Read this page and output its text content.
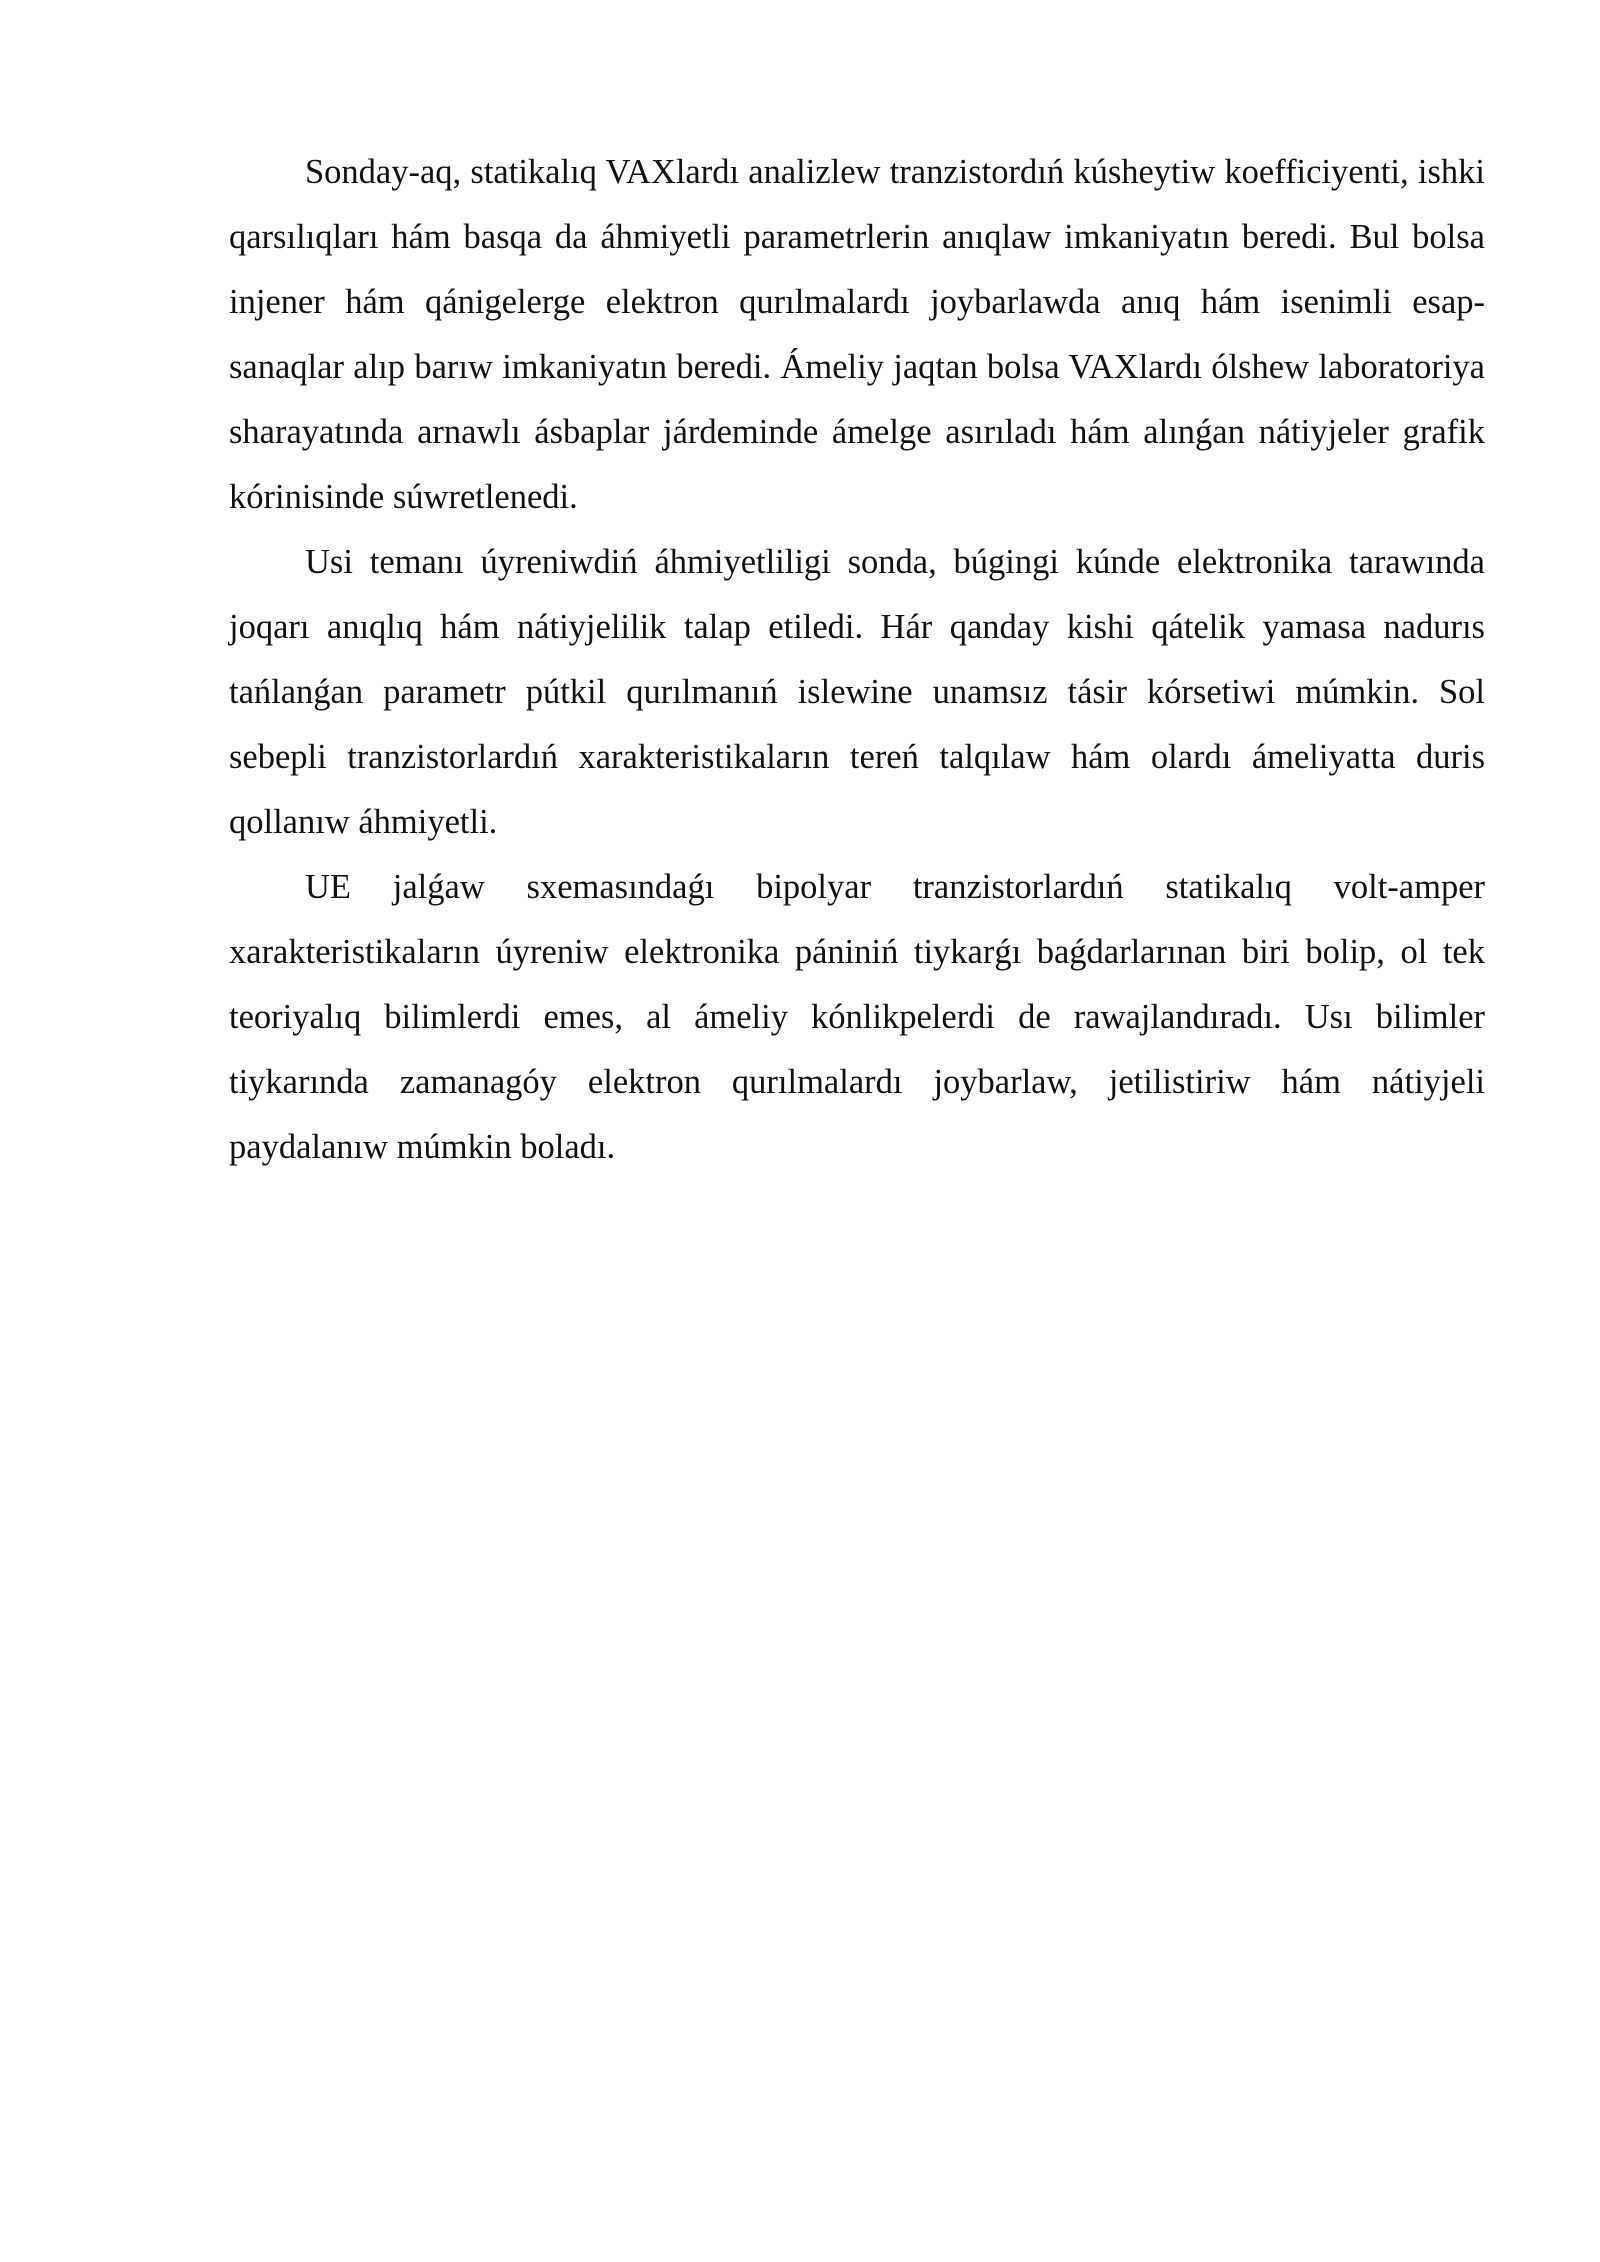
Sonday-aq, statikalıq VAXlardı analizlew tranzistordıń kúsheytiw koefficiyenti, ishki qarsılıqları hám basqa da áhmiyetli parametrlerin anıqlaw imkaniyatın beredi. Bul bolsa injener hám qánigelerge elektron qurılmalardı joybarlawda anıq hám isenimli esap-sanaqlar alıp barıw imkaniyatın beredi. Ámeliy jaqtan bolsa VAXlardı ólshew laboratoriya sharayatında arnawlı ásbaplar járdeminde ámelge asırıladı hám alınǵan nátiyjeler grafik kórinisinde súwretlenedi.

Usi temanı úyreniwdiń áhmiyetliligi sonda, búgingi kúnde elektronika tarawında joqarı anıqlıq hám nátiyjelilik talap etiledi. Hár qanday kishi qátelik yamasa nadurıs tańlanǵan parametr pútkil qurılmanıń islewine unamsız tásir kórsetiwi múmkin. Sol sebepli tranzistorlardıń xarakteristikaların tereń talqılaw hám olardı ámeliyatta duris qollanıw áhmiyetli.

UE jalǵaw sxemasındaǵı bipolyar tranzistorlardıń statikalıq volt-amper xarakteristikaların úyreniw elektronika pániniń tiykarǵı baǵdarlarınan biri bolip, ol tek teoriyalıq bilimlerdi emes, al ámeliy kónlikpelerdi de rawajlandıradı. Usı bilimler tiykarında zamanagóy elektron qurılmalardı joybarlaw, jetilistiriw hám nátiyjeli paydalanıw múmkin boladı.
